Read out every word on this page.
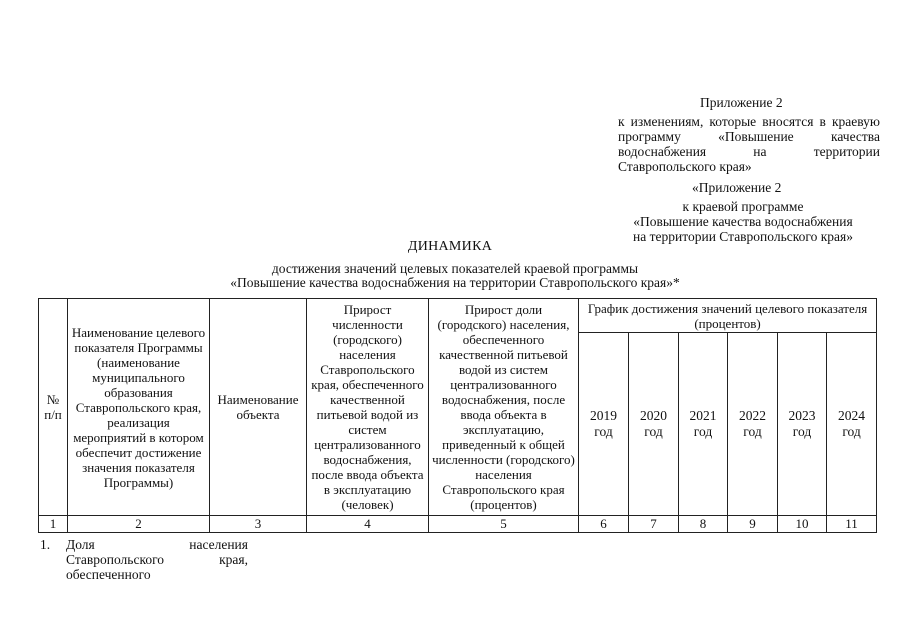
Приложение 2
к изменениям, которые вносятся в краевую программу «Повышение качества водоснабжения на территории Ставропольского края»
«Приложение 2
к краевой программе
«Повышение качества водоснабжения
на территории Ставропольского края»
ДИНАМИКА
достижения значений целевых показателей краевой программы
«Повышение качества водоснабжения на территории Ставропольского края»*
№ п/п	Наименование целевого показателя Программы (наименование муниципального образования Ставропольского края, реализация мероприятий в котором обеспечит достижение значения показателя Программы)	Наименование объекта	Прирост численности (городского) населения Ставропольского края, обеспеченного качественной питьевой водой из систем централизованного водоснабжения, после ввода объекта в эксплуатацию (человек)	Прирост доли (городского) населения, обеспеченного качественной питьевой водой из систем централизованного водоснабжения, после ввода объекта в эксплуатацию, приведенный к общей численности (городского) населения Ставропольского края (процентов)	График достижения значений целевого показателя (процентов)					
					2019 год	2020 год	2021 год	2022 год	2023 год	2024 год
1	2	3	4	5	6	7	8	9	10	11
1. Доля населения Ставропольского края, обеспеченного
